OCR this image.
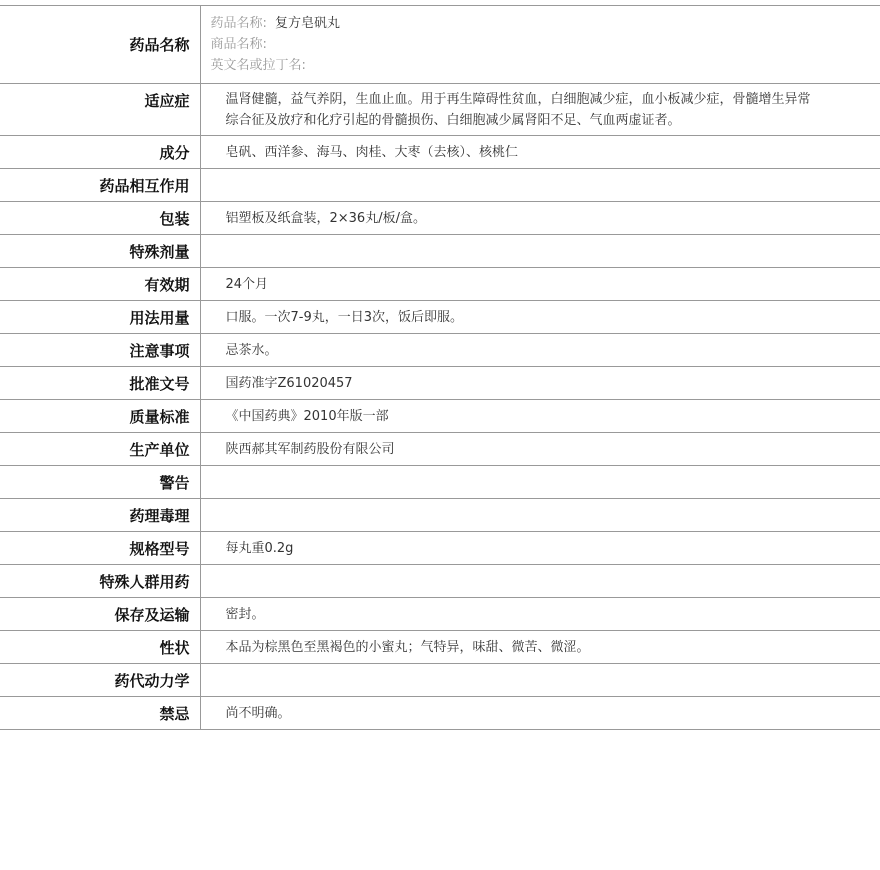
药品名称	药品名称: 复方皂矾丸
商品名称:
英文名或拉丁名:

适应症	温肾健髓，益气养阴，生血止血。用于再生障碍性贫血，白细胞减少症，血小板减少症，骨髓增生异常综合征及放疗和化疗引起的骨髓损伤、白细胞减少属肾阳不足、气血两虚证者。
成分	皂矾、西洋参、海马、肉桂、大枣（去核）、核桃仁
药品相互作用	
包装	铝塑板及纸盒装，2×36丸/板/盒。
特殊剂量	
有效期	24个月
用法用量	口服。一次7-9丸，一日3次，饭后即服。
注意事项	忌茶水。
批准文号	国药准字Z61020457
质量标准	《中国药典》2010年版一部
生产单位	陕西郝其军制药股份有限公司
警告	
药理毒理	
规格型号	每丸重0.2g
特殊人群用药	
保存及运输	密封。
性状	本品为棕黑色至黑褐色的小蜜丸；气特异，味甜、微苦、微涩。
药代动力学	
禁忌	尚不明确。
